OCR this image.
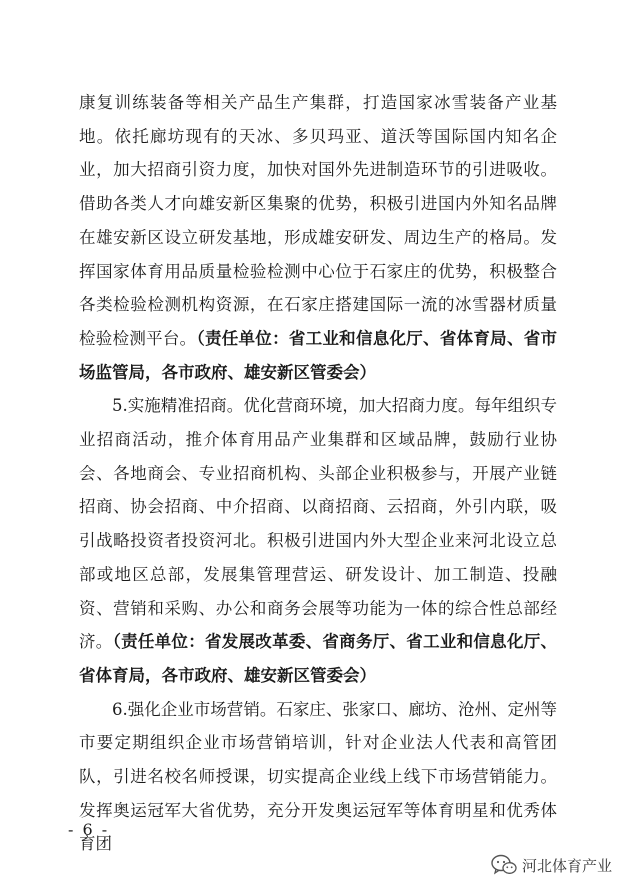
康复训练装备等相关产品生产集群，打造国家冰雪装备产业基地。依托廊坊现有的天冰、多贝玛亚、道沃等国际国内知名企业，加大招商引资力度，加快对国外先进制造环节的引进吸收。借助各类人才向雄安新区集聚的优势，积极引进国内外知名品牌在雄安新区设立研发基地，形成雄安研发、周边生产的格局。发挥国家体育用品质量检验检测中心位于石家庄的优势，积极整合各类检验检测机构资源，在石家庄搭建国际一流的冰雪器材质量检验检测平台。（责任单位：省工业和信息化厅、省体育局、省市场监管局，各市政府、雄安新区管委会）

5.实施精准招商。优化营商环境，加大招商力度。每年组织专业招商活动，推介体育用品产业集群和区域品牌，鼓励行业协会、各地商会、专业招商机构、头部企业积极参与，开展产业链招商、协会招商、中介招商、以商招商、云招商，外引内联，吸引战略投资者投资河北。积极引进国内外大型企业来河北设立总部或地区总部，发展集管理营运、研发设计、加工制造、投融资、营销和采购、办公和商务会展等功能为一体的综合性总部经济。（责任单位：省发展改革委、省商务厅、省工业和信息化厅、省体育局，各市政府、雄安新区管委会）

6.强化企业市场营销。石家庄、张家口、廊坊、沧州、定州等市要定期组织企业市场营销培训，针对企业法人代表和高管团队，引进名校名师授课，切实提高企业线上线下市场营销能力。发挥奥运冠军大省优势，充分开发奥运冠军等体育明星和优秀体育团

- 6 -
河北体育产业
